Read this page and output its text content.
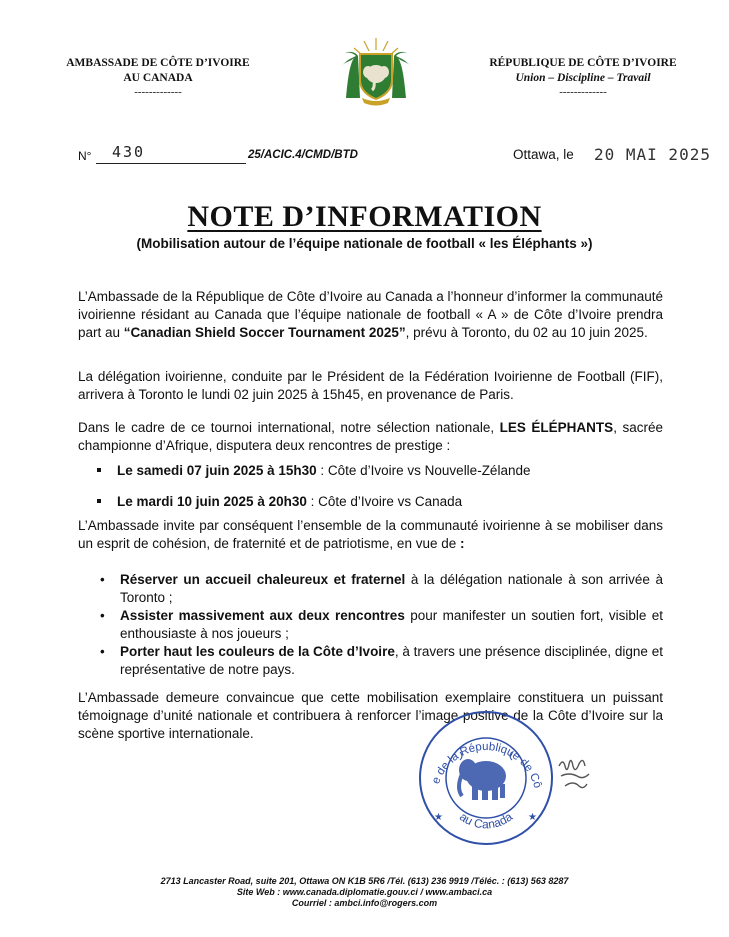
AMBASSADE DE CÔTE D’IVOIRE
AU CANADA
-------------
RÉPUBLIQUE DE CÔTE D’IVOIRE
Union – Discipline – Travail
-------------
N° 430	25/ACIC.4/CMD/BTD	Ottawa, le 20 MAI 2025
NOTE D’INFORMATION
(Mobilisation autour de l’équipe nationale de football « les Éléphants »)
L’Ambassade de la République de Côte d’Ivoire au Canada a l’honneur d’informer la communauté ivoirienne résidant au Canada que l’équipe nationale de football « A » de Côte d’Ivoire prendra part au “Canadian Shield Soccer Tournament 2025”, prévu à Toronto, du 02 au 10 juin 2025.
La délégation ivoirienne, conduite par le Président de la Fédération Ivoirienne de Football (FIF), arrivera à Toronto le lundi 02 juin 2025 à 15h45, en provenance de Paris.
Dans le cadre de ce tournoi international, notre sélection nationale, LES ÉLÉPHANTS, sacrée championne d’Afrique, disputera deux rencontres de prestige :
Le samedi 07 juin 2025 à 15h30 : Côte d’Ivoire vs Nouvelle-Zélande
Le mardi 10 juin 2025 à 20h30 : Côte d’Ivoire vs Canada
L’Ambassade invite par conséquent l’ensemble de la communauté ivoirienne à se mobiliser dans un esprit de cohésion, de fraternité et de patriotisme, en vue de :
• Réserver un accueil chaleureux et fraternel à la délégation nationale à son arrivée à Toronto ;
• Assister massivement aux deux rencontres pour manifester un soutien fort, visible et enthousiaste à nos joueurs ;
• Porter haut les couleurs de la Côte d’Ivoire, à travers une présence disciplinée, digne et représentative de notre pays.
L’Ambassade demeure convaincue que cette mobilisation exemplaire constituera un puissant témoignage d’unité nationale et contribuera à renforcer l’image positive de la Côte d’Ivoire sur la scène sportive internationale.
e de la République de Cô
au Canada
★	★
2713 Lancaster Road, suite 201, Ottawa ON K1B 5R6 /Tél. (613) 236 9919 /Téléc. : (613) 563 8287
Site Web : www.canada.diplomatie.gouv.ci / www.ambaci.ca
Courriel : ambci.info@rogers.com
